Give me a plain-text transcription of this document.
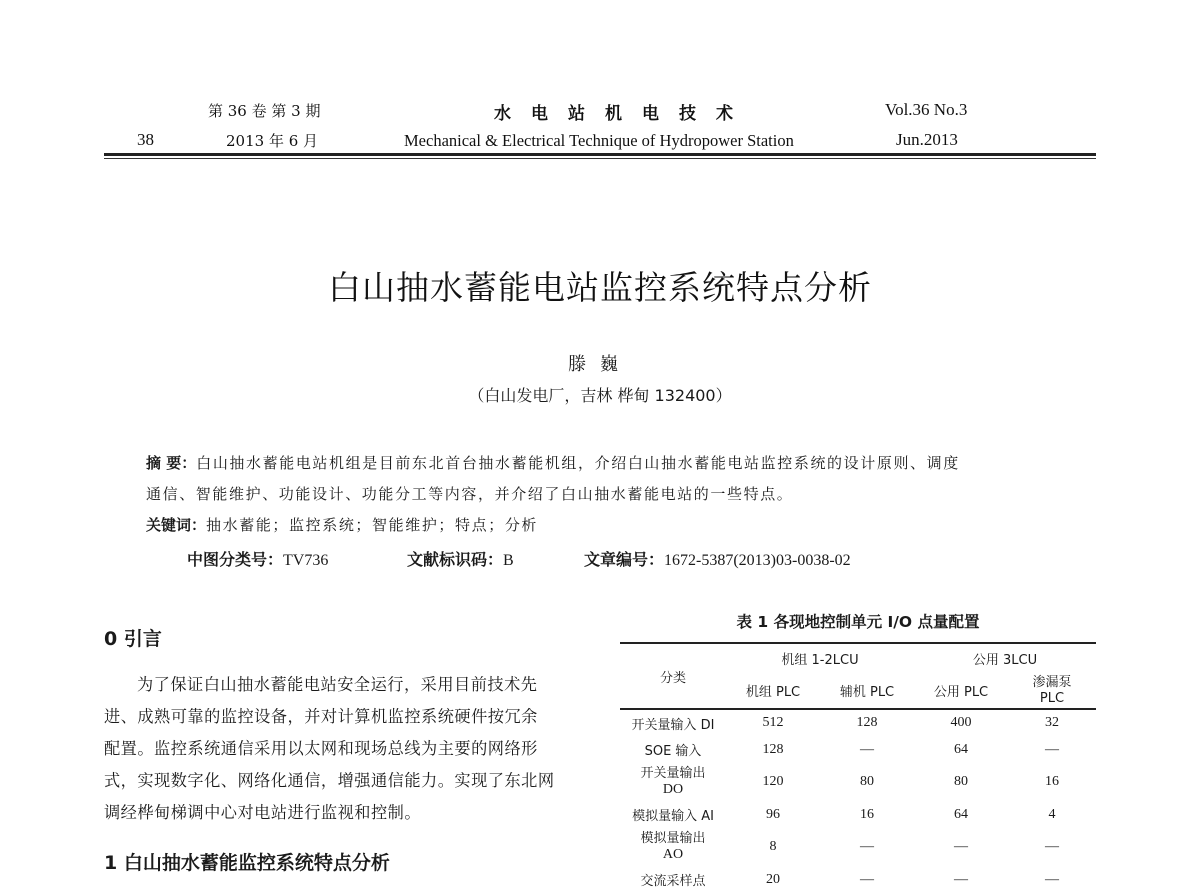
第 36 卷 第 3 期
38	2013 年 6 月
水电站机电技术
Mechanical & Electrical Technique of Hydropower Station
Vol.36 No.3
Jun.2013
白山抽水蓄能电站监控系统特点分析
滕巍
（白山发电厂，吉林 桦甸 132400）
摘 要：白山抽水蓄能电站机组是目前东北首台抽水蓄能机组，介绍白山抽水蓄能电站监控系统的设计原则、调度
通信、智能维护、功能设计、功能分工等内容，并介绍了白山抽水蓄能电站的一些特点。
关键词：抽水蓄能；监控系统；智能维护；特点；分析
中图分类号：TV736	文献标识码：B	文章编号：1672-5387(2013)03-0038-02
0 引言
为了保证白山抽水蓄能电站安全运行，采用目前技术先
进、成熟可靠的监控设备，并对计算机监控系统硬件按冗余
配置。监控系统通信采用以太网和现场总线为主要的网络形
式，实现数字化、网络化通信，增强通信能力。实现了东北网
调经桦甸梯调中心对电站进行监视和控制。
1 白山抽水蓄能监控系统特点分析
表 1 各现地控制单元 I/O 点量配置
分类	机组 1-2LCU		公用 3LCU	
	机组 PLC	辅机 PLC	公用 PLC	渗漏泵
PLC
开关量输入 DI	512	128	400	32
SOE 输入	128	—	64	—
开关量输出
DO	120	80	80	16
模拟量输入 AI	96	16	64	4
模拟量输出
AO	8	—	—	—
交流采样点	20	—	—	—
